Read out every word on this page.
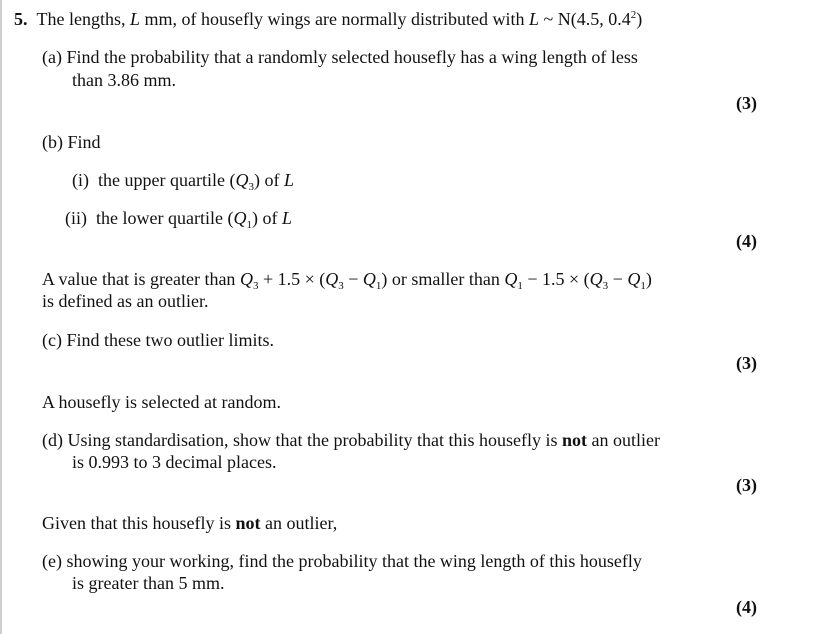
5. The lengths, L mm, of housefly wings are normally distributed with L ~ N(4.5, $0.4^2$)
(a) Find the probability that a randomly selected housefly has a wing length of less
than 3.86 mm.
(3)
(b) Find
(i) the upper quartile $(Q_3)$ of L
(ii) the lower quartile $(Q_1)$ of L
(4)
A value that is greater than $Q_3 + 1.5 \times (Q_3 - Q_1)$ or smaller than $Q_1 - 1.5 \times (Q_3 - Q_1)$
is defined as an outlier.
(c) Find these two outlier limits.
(3)
A housefly is selected at random.
(d) Using standardisation, show that the probability that this housefly is not an outlier
is 0.993 to 3 decimal places.
(3)
Given that this housefly is not an outlier,
(e) showing your working, find the probability that the wing length of this housefly
is greater than 5 mm.
(4)
